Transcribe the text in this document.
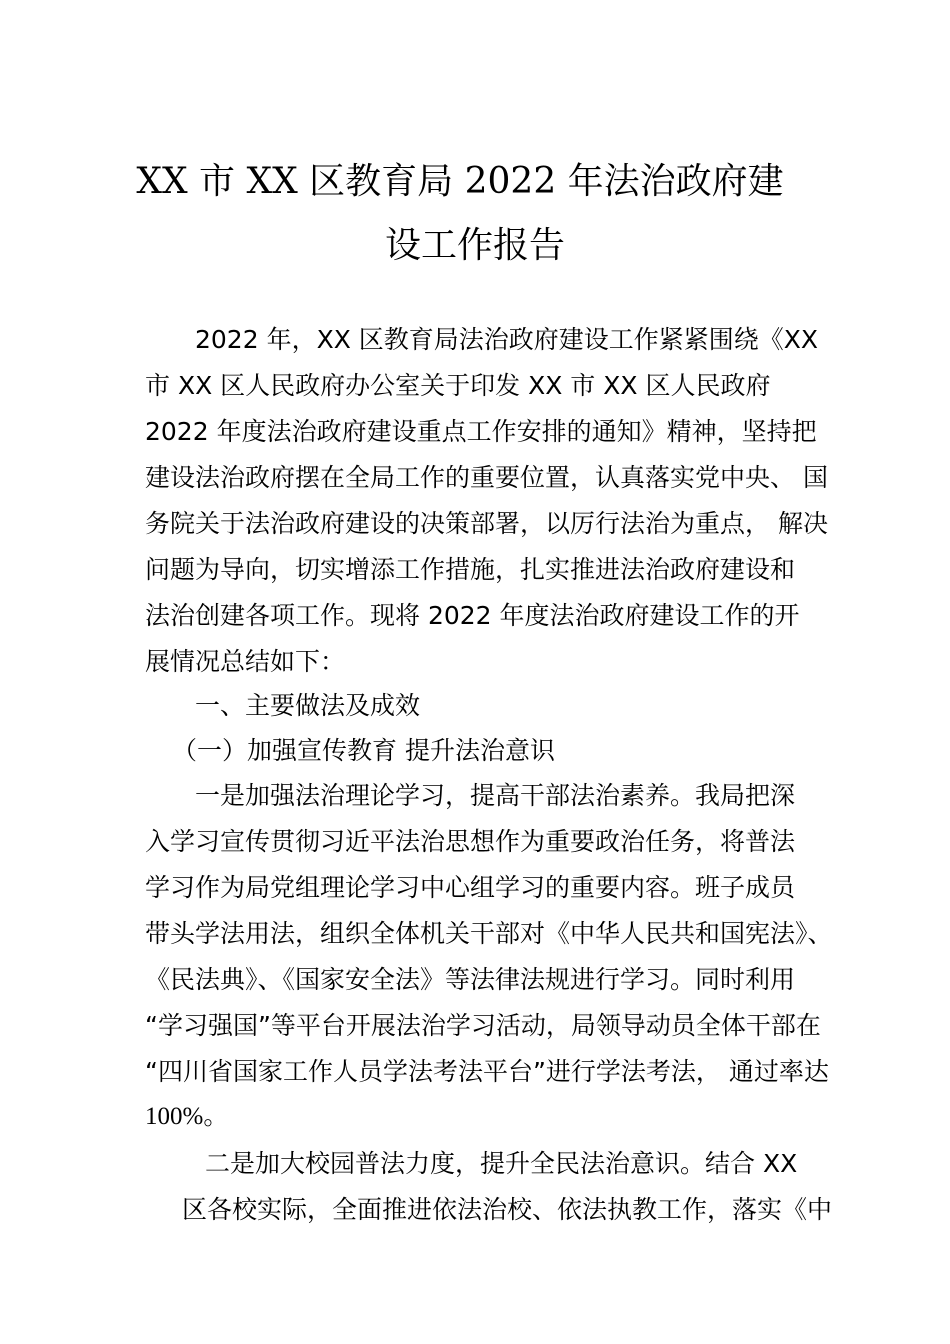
XX 市 XX 区教育局 2022 年法治政府建
设工作报告
2022 年，XX 区教育局法治政府建设工作紧紧围绕《XX
市 XX 区人民政府办公室关于印发 XX 市 XX 区人民政府
2022 年度法治政府建设重点工作安排的通知》精神，坚持把
建设法治政府摆在全局工作的重要位置，认真落实党中央、 国
务院关于法治政府建设的决策部署，以厉行法治为重点， 解决
问题为导向，切实增添工作措施，扎实推进法治政府建设和
法治创建各项工作。现将 2022 年度法治政府建设工作的开
展情况总结如下：
一、主要做法及成效
（一）加强宣传教育 提升法治意识
一是加强法治理论学习，提高干部法治素养。我局把深
入学习宣传贯彻习近平法治思想作为重要政治任务，将普法
学习作为局党组理论学习中心组学习的重要内容。班子成员
带头学法用法，组织全体机关干部对《中华人民共和国宪法》、
《民法典》、《国家安全法》等法律法规进行学习。同时利用
“学习强国”等平台开展法治学习活动，局领导动员全体干部在
“四川省国家工作人员学法考法平台”进行学法考法， 通过率达
100%。
二是加大校园普法力度，提升全民法治意识。结合 XX
区各校实际，全面推进依法治校、依法执教工作，落实《中
